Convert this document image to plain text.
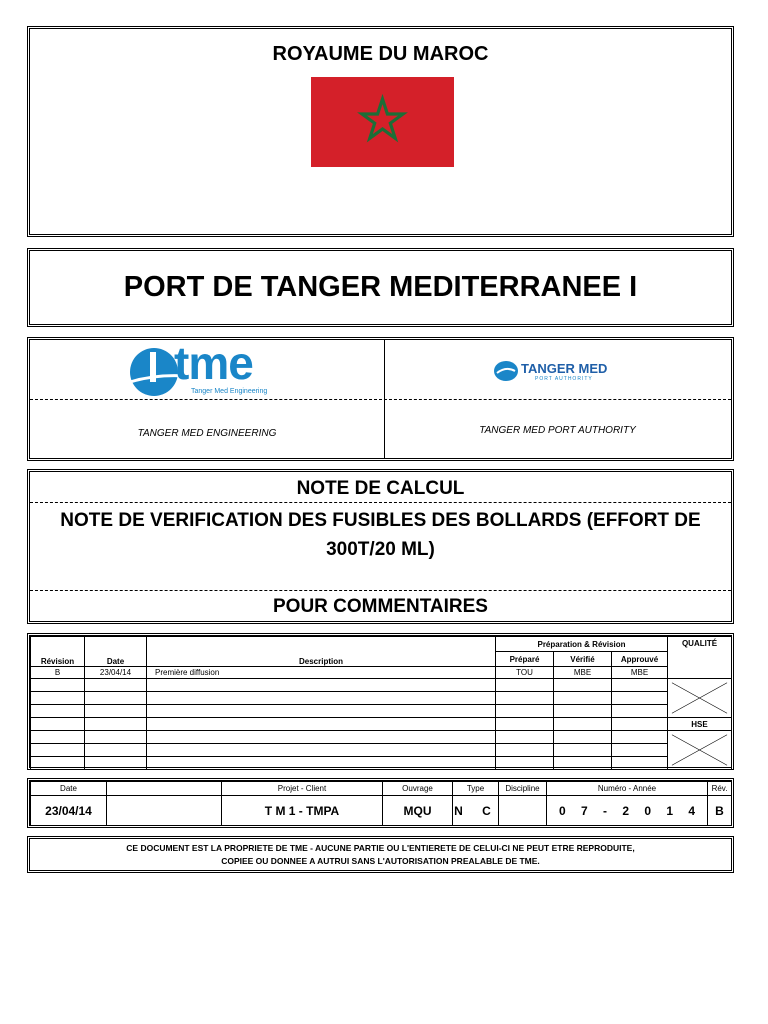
ROYAUME DU MAROC
PORT DE TANGER MEDITERRANEE I
tme
Tanger Med Engineering
TANGER MED ENGINEERING
TANGER MED
PORT AUTHORITY
TANGER MED PORT AUTHORITY
NOTE DE CALCUL
NOTE DE VERIFICATION DES FUSIBLES DES BOLLARDS (EFFORT DE 300T/20 ML)
POUR COMMENTAIRES
Révision	Date	Description	Préparation & Révision			QUALITÉ
			Préparé	Vérifié	Approuvé	
B	23/04/14	Première diffusion	TOU	MBE	MBE	

						HSE

Date		Projet - Client	Ouvrage	Type	Discipline	Numéro - Année	Rév.
23/04/14		T M 1 - TMPA	MQU	N C		0 7 - 2 0 1 4	B
CE DOCUMENT EST LA PROPRIETE DE TME - AUCUNE PARTIE OU L'ENTIERETE DE CELUI-CI NE PEUT ETRE REPRODUITE,
COPIEE OU DONNEE A AUTRUI SANS L'AUTORISATION PREALABLE DE TME.
